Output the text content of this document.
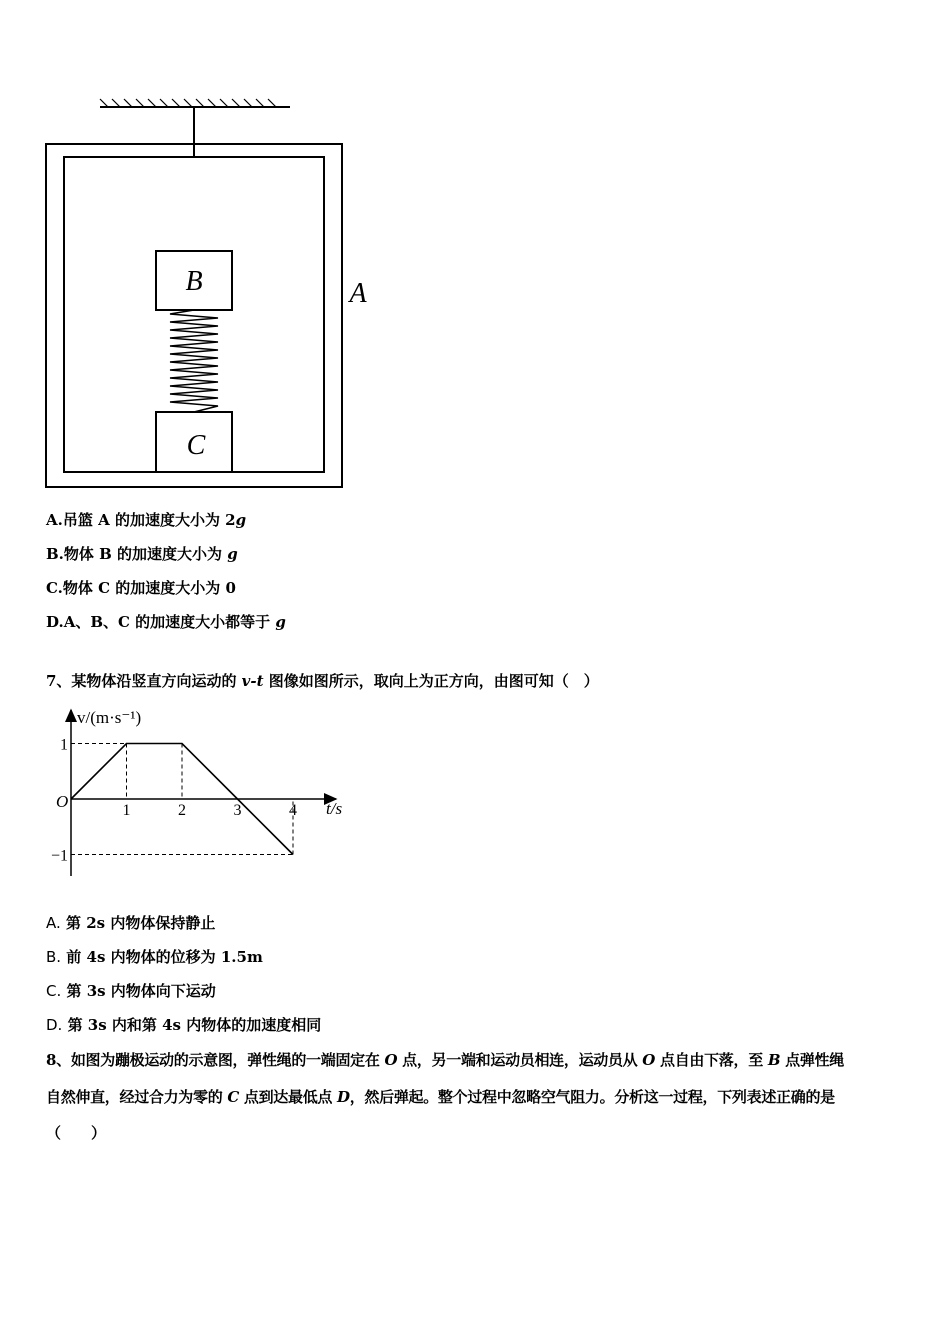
B
C
A
A.吊篮 A 的加速度大小为 2g
B.物体 B 的加速度大小为 g
C.物体 C 的加速度大小为 0
D.A、B、C 的加速度大小都等于 g
7、某物体沿竖直方向运动的 v-t 图像如图所示，取向上为正方向，由图可知（　）
v/(m·s⁻¹)
t/s
O	1	2	3	4
1
−1
A. 第 2s 内物体保持静止
B. 前 4s 内物体的位移为 1.5m
C. 第 3s 内物体向下运动
D. 第 3s 内和第 4s 内物体的加速度相同
8、如图为蹦极运动的示意图，弹性绳的一端固定在 O 点，另一端和运动员相连，运动员从 O 点自由下落，至 B 点弹性绳
自然伸直，经过合力为零的 C 点到达最低点 D，然后弹起。整个过程中忽略空气阻力。分析这一过程，下列表述正确的是
（　　）
